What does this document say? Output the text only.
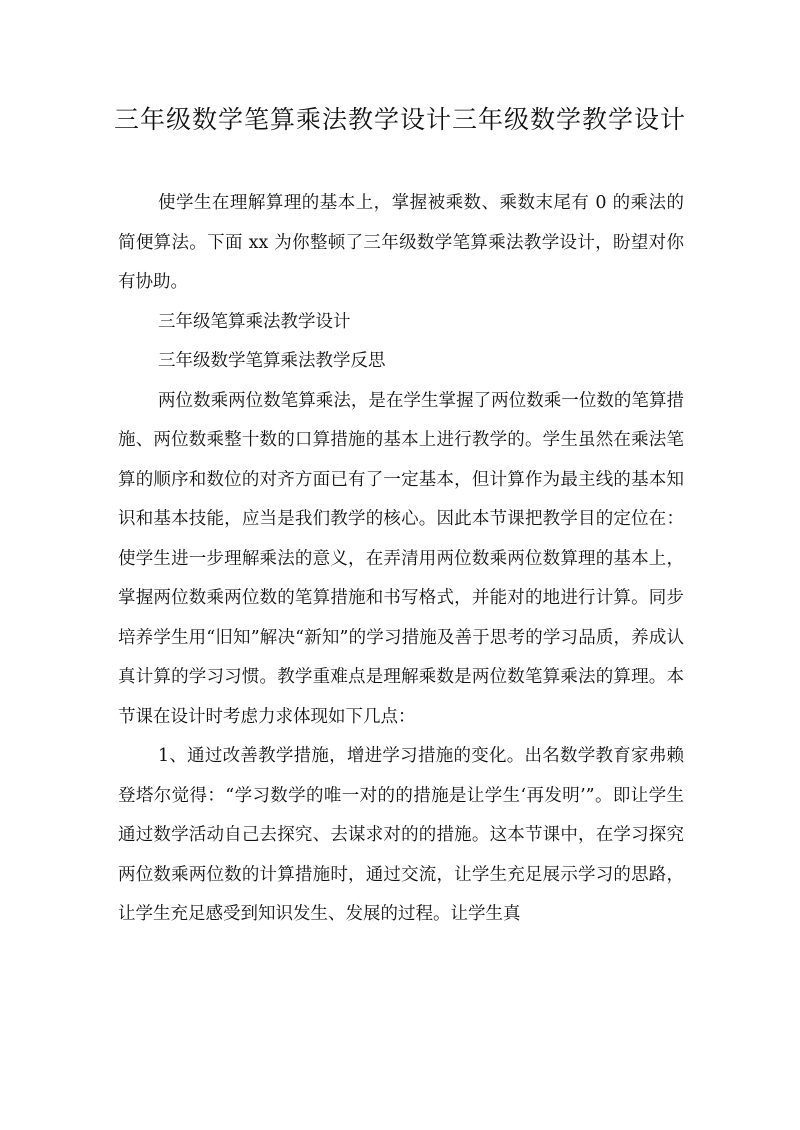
三年级数学笔算乘法教学设计三年级数学教学设计

使学生在理解算理的基本上，掌握被乘数、乘数末尾有 0 的乘法的简便算法。下面 xx 为你整顿了三年级数学笔算乘法教学设计，盼望对你有协助。

三年级笔算乘法教学设计

三年级数学笔算乘法教学反思

两位数乘两位数笔算乘法，是在学生掌握了两位数乘一位数的笔算措施、两位数乘整十数的口算措施的基本上进行教学的。学生虽然在乘法笔算的顺序和数位的对齐方面已有了一定基本，但计算作为最主线的基本知识和基本技能，应当是我们教学的核心。因此本节课把教学目的定位在：使学生进一步理解乘法的意义，在弄清用两位数乘两位数算理的基本上，掌握两位数乘两位数的笔算措施和书写格式，并能对的地进行计算。同步培养学生用“旧知”解决“新知”的学习措施及善于思考的学习品质，养成认真计算的学习习惯。教学重难点是理解乘数是两位数笔算乘法的算理。本节课在设计时考虑力求体现如下几点：

1、通过改善教学措施，增进学习措施的变化。出名数学教育家弗赖登塔尔觉得：“学习数学的唯一对的的措施是让学生‘再发明’”。即让学生通过数学活动自己去探究、去谋求对的的措施。这本节课中，在学习探究两位数乘两位数的计算措施时，通过交流，让学生充足展示学习的思路，让学生充足感受到知识发生、发展的过程。让学生真
